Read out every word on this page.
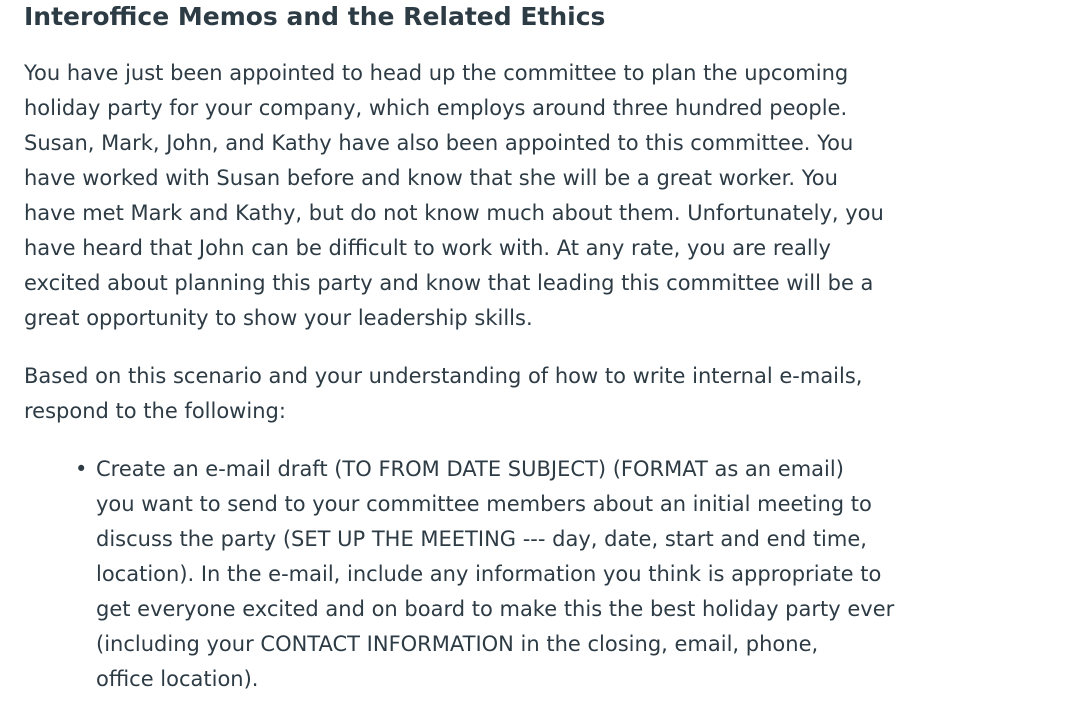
Interoffice Memos and the Related Ethics

You have just been appointed to head up the committee to plan the upcoming
holiday party for your company, which employs around three hundred people.
Susan, Mark, John, and Kathy have also been appointed to this committee. You
have worked with Susan before and know that she will be a great worker. You
have met Mark and Kathy, but do not know much about them. Unfortunately, you
have heard that John can be difficult to work with. At any rate, you are really
excited about planning this party and know that leading this committee will be a
great opportunity to show your leadership skills.

Based on this scenario and your understanding of how to write internal e-mails,
respond to the following:

• Create an e-mail draft (TO FROM DATE SUBJECT) (FORMAT as an email)
you want to send to your committee members about an initial meeting to
discuss the party (SET UP THE MEETING --- day, date, start and end time,
location). In the e-mail, include any information you think is appropriate to
get everyone excited and on board to make this the best holiday party ever
(including your CONTACT INFORMATION in the closing, email, phone,
office location).
